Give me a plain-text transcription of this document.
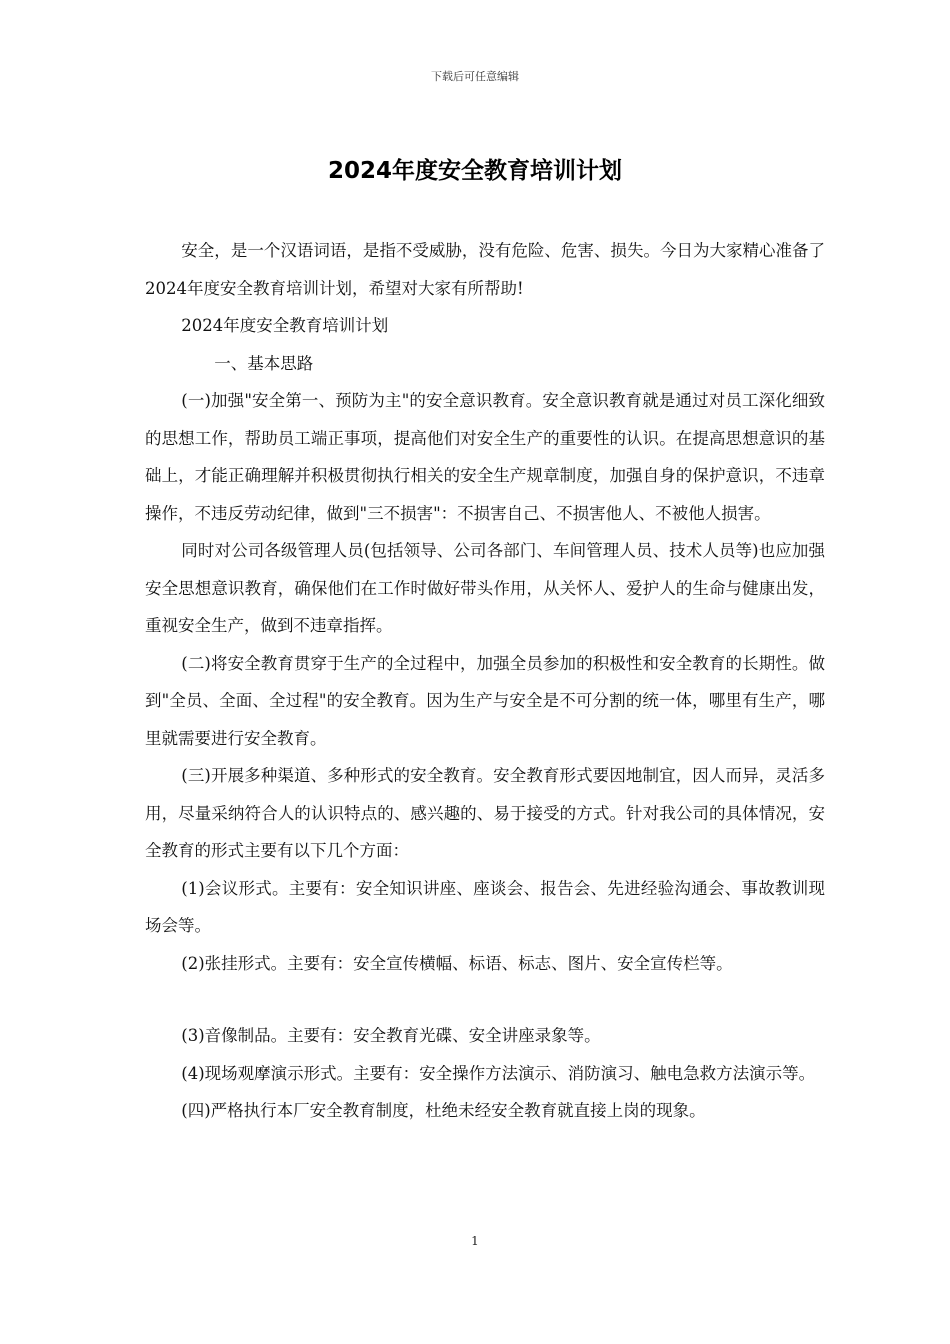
下载后可任意编辑
2024年度安全教育培训计划

安全，是一个汉语词语，是指不受威胁，没有危险、危害、损失。今日为大家精心准备了2024年度安全教育培训计划，希望对大家有所帮助!

2024年度安全教育培训计划

一、基本思路

(一)加强"安全第一、预防为主"的安全意识教育。安全意识教育就是通过对员工深化细致的思想工作，帮助员工端正事项，提高他们对安全生产的重要性的认识。在提高思想意识的基础上，才能正确理解并积极贯彻执行相关的安全生产规章制度，加强自身的保护意识，不违章操作，不违反劳动纪律，做到"三不损害"：不损害自己、不损害他人、不被他人损害。

同时对公司各级管理人员(包括领导、公司各部门、车间管理人员、技术人员等)也应加强安全思想意识教育，确保他们在工作时做好带头作用，从关怀人、爱护人的生命与健康出发，重视安全生产，做到不违章指挥。

(二)将安全教育贯穿于生产的全过程中，加强全员参加的积极性和安全教育的长期性。做到"全员、全面、全过程"的安全教育。因为生产与安全是不可分割的统一体，哪里有生产，哪里就需要进行安全教育。

(三)开展多种渠道、多种形式的安全教育。安全教育形式要因地制宜，因人而异，灵活多用，尽量采纳符合人的认识特点的、感兴趣的、易于接受的方式。针对我公司的具体情况，安全教育的形式主要有以下几个方面：

(1)会议形式。主要有：安全知识讲座、座谈会、报告会、先进经验沟通会、事故教训现场会等。

(2)张挂形式。主要有：安全宣传横幅、标语、标志、图片、安全宣传栏等。

(3)音像制品。主要有：安全教育光碟、安全讲座录象等。

(4)现场观摩演示形式。主要有：安全操作方法演示、消防演习、触电急救方法演示等。

(四)严格执行本厂安全教育制度，杜绝未经安全教育就直接上岗的现象。

1
